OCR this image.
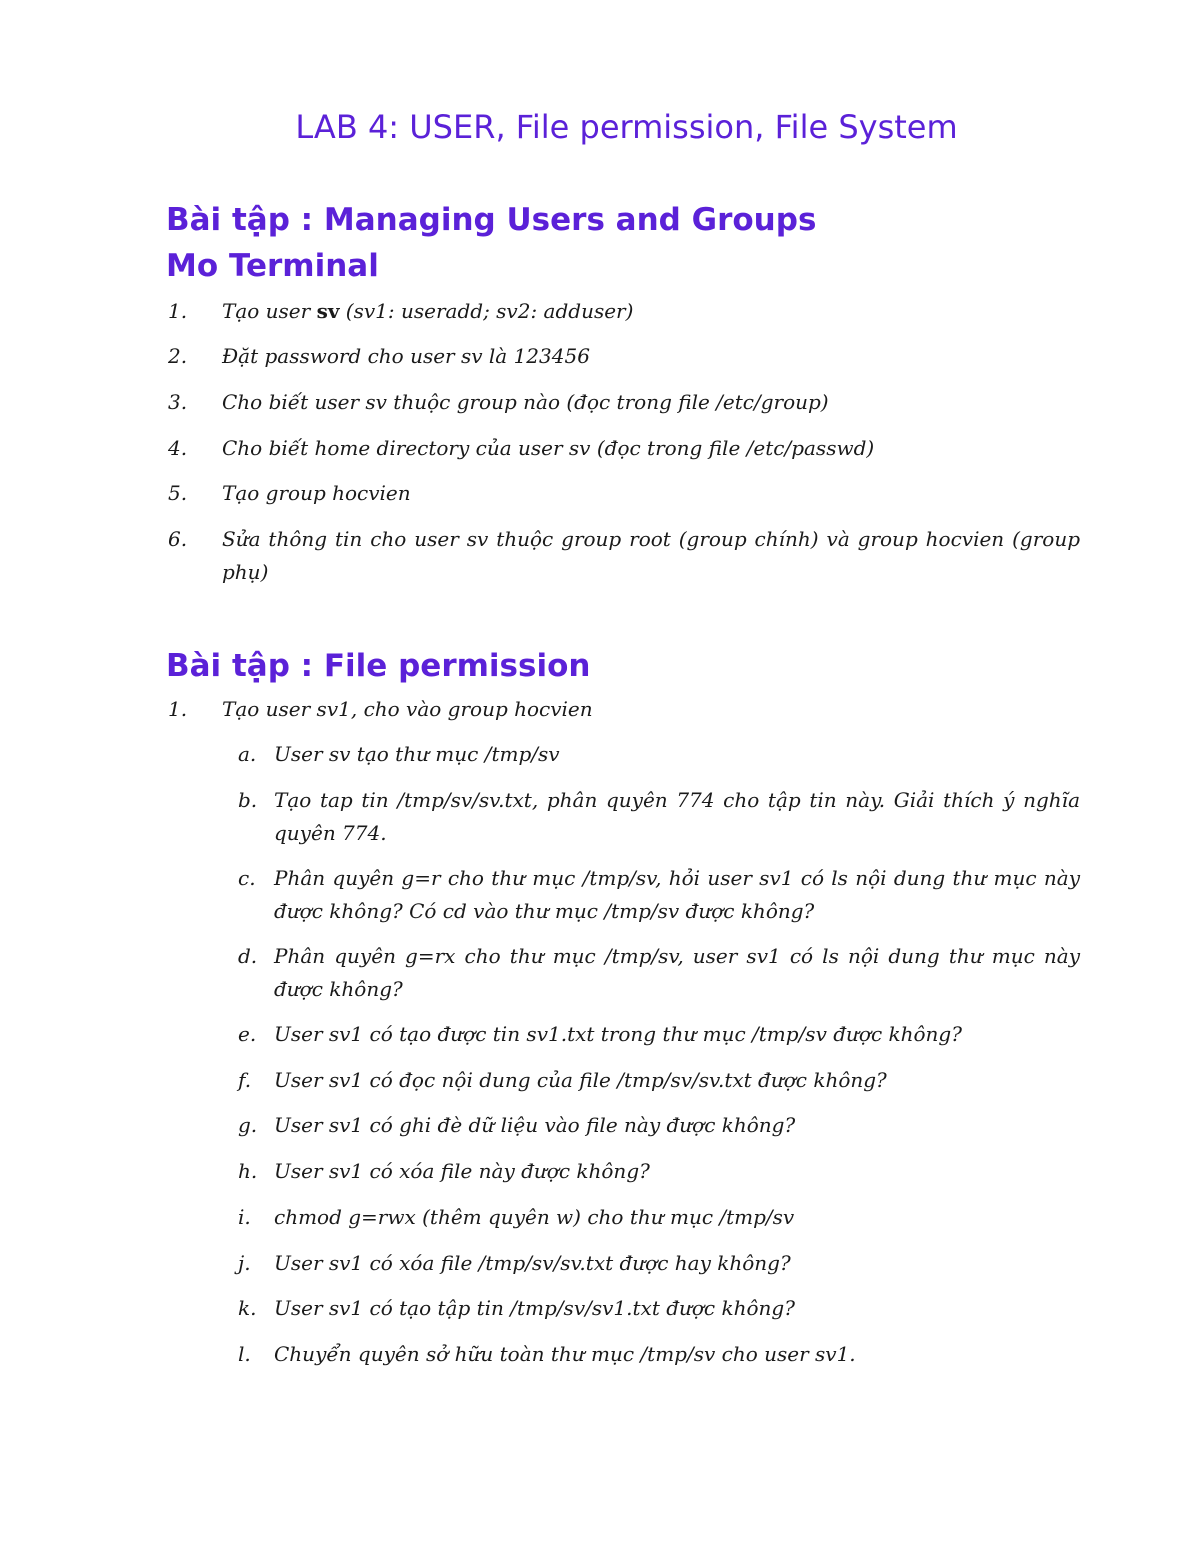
LAB 4: USER, File permission, File System
Bài tập : Managing Users and Groups
Mo Terminal
1. Tạo user sv (sv1: useradd; sv2: adduser)
2. Đặt password cho user sv là 123456
3. Cho biết user sv thuộc group nào (đọc trong file /etc/group)
4. Cho biết home directory của user sv (đọc trong file /etc/passwd)
5. Tạo group hocvien
6. Sửa thông tin cho user sv thuộc group root (group chính) và group hocvien (group phụ)
Bài tập : File permission
1. Tạo user sv1, cho vào group hocvien
a. User sv tạo thư mục /tmp/sv
b. Tạo tap tin /tmp/sv/sv.txt, phân quyên 774 cho tập tin này. Giải thích ý nghĩa quyên 774.
c. Phân quyên g=r cho thư mục /tmp/sv, hỏi user sv1 có ls nội dung thư mục này được không? Có cd vào thư mục /tmp/sv được không?
d. Phân quyên g=rx cho thư mục /tmp/sv, user sv1 có ls nội dung thư mục này được không?
e. User sv1 có tạo được tin sv1.txt trong thư mục /tmp/sv được không?
f. User sv1 có đọc nội dung của file /tmp/sv/sv.txt được không?
g. User sv1 có ghi đè dữ liệu vào file này được không?
h. User sv1 có xóa file này được không?
i. chmod g=rwx (thêm quyên w) cho thư mục /tmp/sv
j. User sv1 có xóa file /tmp/sv/sv.txt được hay không?
k. User sv1 có tạo tập tin /tmp/sv/sv1.txt được không?
l. Chuyển quyên sở hữu toàn thư mục /tmp/sv cho user sv1.
